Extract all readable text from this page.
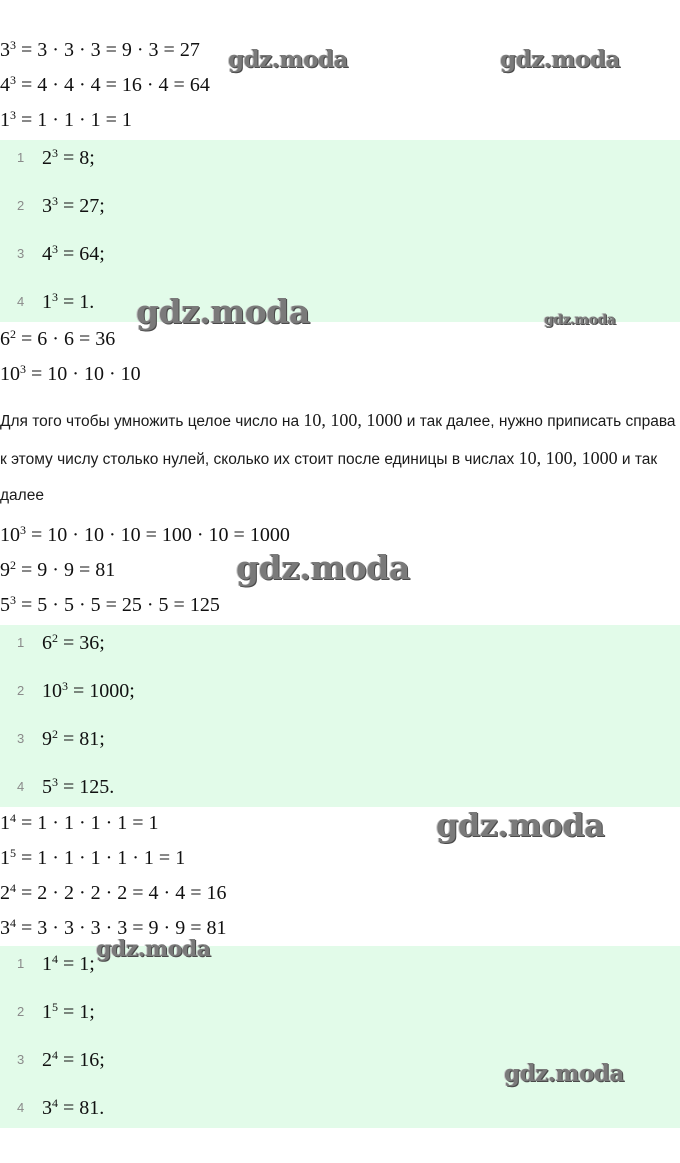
$3^3 = 3 \cdot 3 \cdot 3 = 9 \cdot 3 = 27$
$4^3 = 4 \cdot 4 \cdot 4 = 16 \cdot 4 = 64$
$1^3 = 1 \cdot 1 \cdot 1 = 1$
1 $2^3 = 8$;
2 $3^3 = 27$;
3 $4^3 = 64$;
4 $1^3 = 1$.
$6^2 = 6 \cdot 6 = 36$
$10^3 = 10 \cdot 10 \cdot 10$

Для того чтобы умножить целое число на 10, 100, 1000 и так далее, нужно приписать справа к этому числу столько нулей, сколько их стоит после единицы в числах 10, 100, 1000 и так далее

$10^3 = 10 \cdot 10 \cdot 10 = 100 \cdot 10 = 1000$
$9^2 = 9 \cdot 9 = 81$
$5^3 = 5 \cdot 5 \cdot 5 = 25 \cdot 5 = 125$
1 $6^2 = 36$;
2 $10^3 = 1000$;
3 $9^2 = 81$;
4 $5^3 = 125$.
$1^4 = 1 \cdot 1 \cdot 1 \cdot 1 = 1$
$1^5 = 1 \cdot 1 \cdot 1 \cdot 1 \cdot 1 = 1$
$2^4 = 2 \cdot 2 \cdot 2 \cdot 2 = 4 \cdot 4 = 16$
$3^4 = 3 \cdot 3 \cdot 3 \cdot 3 = 9 \cdot 9 = 81$
1 $1^4 = 1$;
2 $1^5 = 1$;
3 $2^4 = 16$;
4 $3^4 = 81$.
gdz.moda	gdz.moda
gdz.moda	gdz.moda
gdz.moda
gdz.moda
gdz.moda
gdz.moda
